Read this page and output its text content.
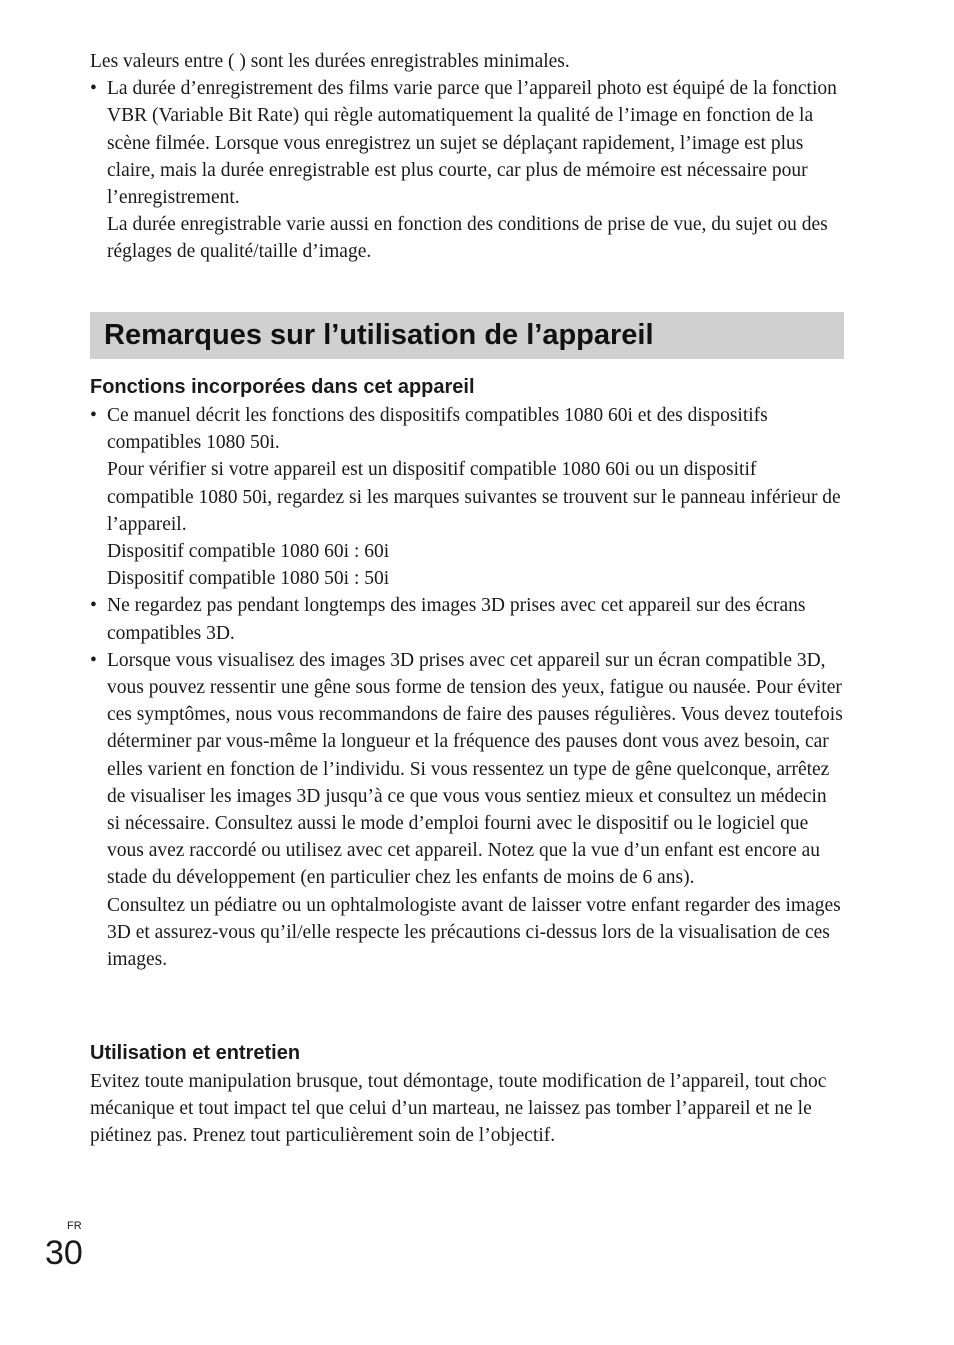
Les valeurs entre ( ) sont les durées enregistrables minimales.

• La durée d’enregistrement des films varie parce que l’appareil photo est équipé de la fonction VBR (Variable Bit Rate) qui règle automatiquement la qualité de l’image en fonction de la scène filmée. Lorsque vous enregistrez un sujet se déplaçant rapidement, l’image est plus claire, mais la durée enregistrable est plus courte, car plus de mémoire est nécessaire pour l’enregistrement.

La durée enregistrable varie aussi en fonction des conditions de prise de vue, du sujet ou des réglages de qualité/taille d’image.

Remarques sur l’utilisation de l’appareil

Fonctions incorporées dans cet appareil

• Ce manuel décrit les fonctions des dispositifs compatibles 1080 60i et des dispositifs compatibles 1080 50i.

Pour vérifier si votre appareil est un dispositif compatible 1080 60i ou un dispositif compatible 1080 50i, regardez si les marques suivantes se trouvent sur le panneau inférieur de l’appareil.

Dispositif compatible 1080 60i : 60i

Dispositif compatible 1080 50i : 50i

• Ne regardez pas pendant longtemps des images 3D prises avec cet appareil sur des écrans compatibles 3D.

• Lorsque vous visualisez des images 3D prises avec cet appareil sur un écran compatible 3D, vous pouvez ressentir une gêne sous forme de tension des yeux, fatigue ou nausée. Pour éviter ces symptômes, nous vous recommandons de faire des pauses régulières. Vous devez toutefois déterminer par vous-même la longueur et la fréquence des pauses dont vous avez besoin, car elles varient en fonction de l’individu. Si vous ressentez un type de gêne quelconque, arrêtez de visualiser les images 3D jusqu’à ce que vous vous sentiez mieux et consultez un médecin si nécessaire. Consultez aussi le mode d’emploi fourni avec le dispositif ou le logiciel que vous avez raccordé ou utilisez avec cet appareil. Notez que la vue d’un enfant est encore au stade du développement (en particulier chez les enfants de moins de 6 ans).

Consultez un pédiatre ou un ophtalmologiste avant de laisser votre enfant regarder des images 3D et assurez-vous qu’il/elle respecte les précautions ci-dessus lors de la visualisation de ces images.

Utilisation et entretien

Evitez toute manipulation brusque, tout démontage, toute modification de l’appareil, tout choc mécanique et tout impact tel que celui d’un marteau, ne laissez pas tomber l’appareil et ne le piétinez pas. Prenez tout particulièrement soin de l’objectif.

FR
30
